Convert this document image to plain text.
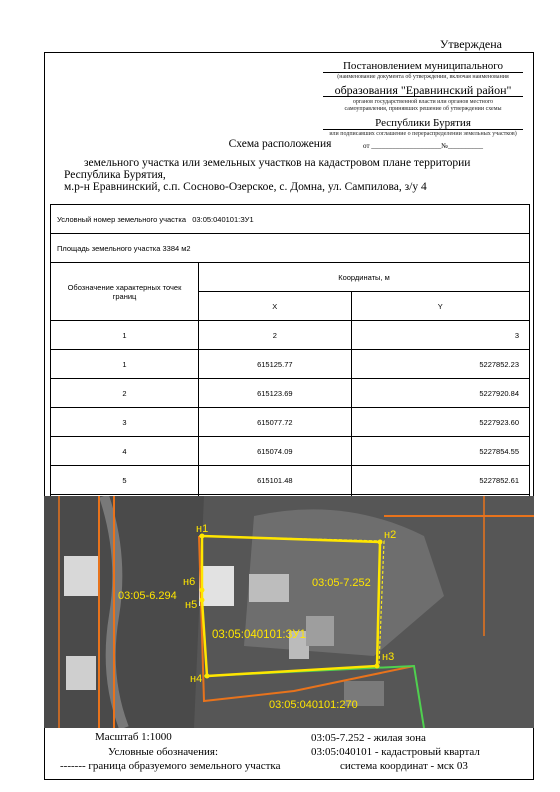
Утверждена
Постановлением муниципального
(наименование документа об утверждении, включая наименования
образования "Еравнинский район"
органов государственной власти или органов местного
самоуправления, принявших решение об утверждении схемы
Республики Бурятия
или подписавших соглашение о перераспределении земельных участков)
от ____________________№__________
Схема расположения
земельного участка или земельных участков на кадастровом плане территории
Республика Бурятия,
м.р-н Еравнинский, с.п. Сосново-Озерское, с. Домна, ул. Сампилова, з/у 4
Условный номер земельного участка 03:05:040101:ЗУ1		
Площадь земельного участка 3384 м2		
Обозначение характерных точек границ	Координаты, м	
	X	Y
1	2	3
1	615125.77	5227852.23
2	615123.69	5227920.84
3	615077.72	5227923.60
4	615074.09	5227854.55
5	615101.48	5227852.61

н1	н2
н3
н4
н5
н6	03:05-7.252
03:05-6.294
03:05:040101:ЗУ1
03:05:040101:270
Масштаб 1:1000
Условные обозначения:
------- граница образуемого земельного участка
03:05-7.252 - жилая зона
03:05:040101 - кадастровый квартал
система координат - мск 03
